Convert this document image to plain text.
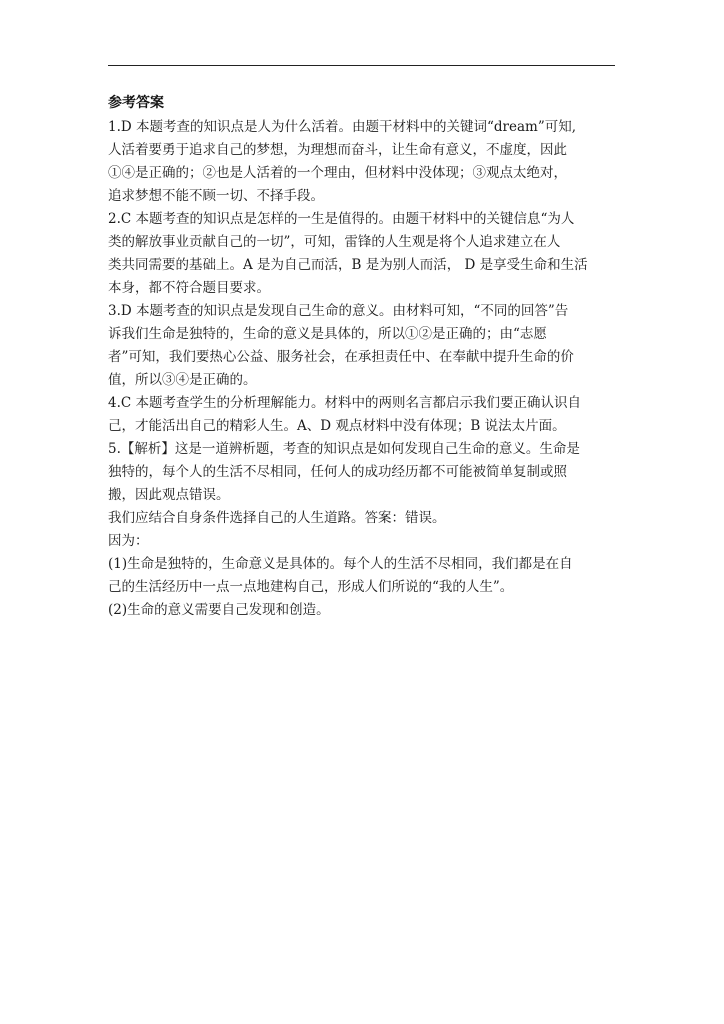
参考答案

1.D 本题考查的知识点是人为什么活着。由题干材料中的关键词“dream”可知,

人活着要勇于追求自己的梦想，为理想而奋斗，让生命有意义，不虚度，因此

①④是正确的；②也是人活着的一个理由，但材料中没体现；③观点太绝对，

追求梦想不能不顾一切、不择手段。

2.C 本题考查的知识点是怎样的一生是值得的。由题干材料中的关键信息“为人

类的解放事业贡献自己的一切”，可知，雷锋的人生观是将个人追求建立在人

类共同需要的基础上。A 是为自己而活，B 是为别人而活， D 是享受生命和生活

本身，都不符合题目要求。

3.D 本题考查的知识点是发现自己生命的意义。由材料可知，“不同的回答”告

诉我们生命是独特的，生命的意义是具体的，所以①②是正确的；由“志愿

者”可知，我们要热心公益、服务社会，在承担责任中、在奉献中提升生命的价

值，所以③④是正确的。

4.C 本题考查学生的分析理解能力。材料中的两则名言都启示我们要正确认识自

己，才能活出自己的精彩人生。A、D 观点材料中没有体现；B 说法太片面。

5.【解析】这是一道辨析题，考查的知识点是如何发现自己生命的意义。生命是

独特的，每个人的生活不尽相同，任何人的成功经历都不可能被简单复制或照

搬，因此观点错误。

我们应结合自身条件选择自己的人生道路。答案：错误。

因为：

(1)生命是独特的，生命意义是具体的。每个人的生活不尽相同，我们都是在自

己的生活经历中一点一点地建构自己，形成人们所说的“我的人生”。

(2)生命的意义需要自己发现和创造。
